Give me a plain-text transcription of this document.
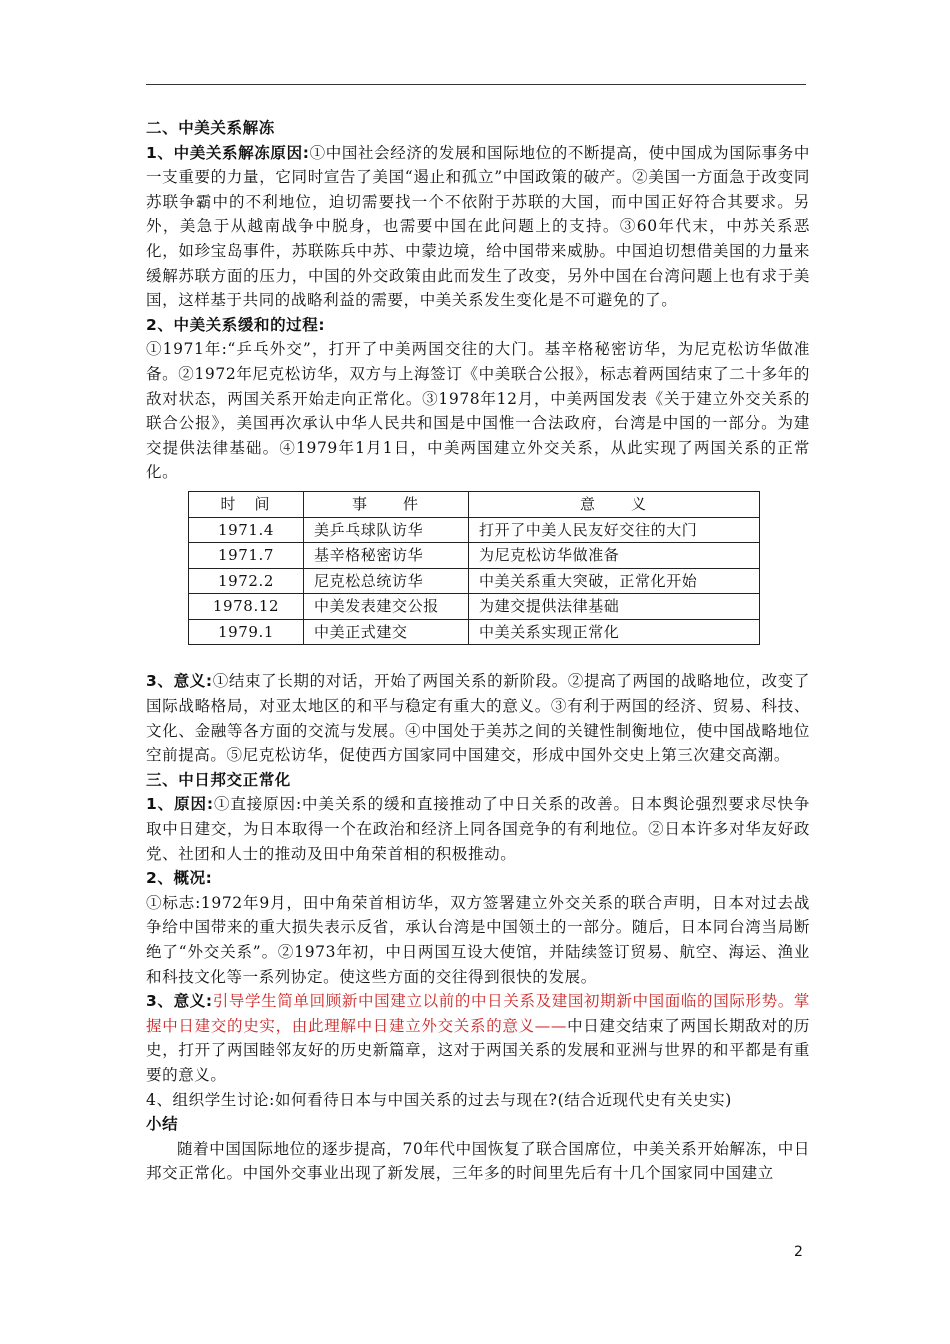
二、中美关系解冻

1、中美关系解冻原因:①中国社会经济的发展和国际地位的不断提高，使中国成为国际事务中一支重要的力量，它同时宣告了美国“遏止和孤立”中国政策的破产。②美国一方面急于改变同苏联争霸中的不利地位，迫切需要找一个不依附于苏联的大国，而中国正好符合其要求。另外，美急于从越南战争中脱身，也需要中国在此问题上的支持。③60年代末，中苏关系恶化，如珍宝岛事件，苏联陈兵中苏、中蒙边境，给中国带来威胁。中国迫切想借美国的力量来缓解苏联方面的压力，中国的外交政策由此而发生了改变，另外中国在台湾问题上也有求于美国，这样基于共同的战略利益的需要，中美关系发生变化是不可避免的了。

2、中美关系缓和的过程:

①1971年:“乒乓外交”，打开了中美两国交往的大门。基辛格秘密访华，为尼克松访华做准备。②1972年尼克松访华，双方与上海签订《中美联合公报》，标志着两国结束了二十多年的敌对状态，两国关系开始走向正常化。③1978年12月，中美两国发表《关于建立外交关系的联合公报》，美国再次承认中华人民共和国是中国惟一合法政府，台湾是中国的一部分。为建交提供法律基础。④1979年1月1日，中美两国建立外交关系，从此实现了两国关系的正常化。

时　间	事　　件	意　　义
1971.4	美乒乓球队访华	打开了中美人民友好交往的大门
1971.7	基辛格秘密访华	为尼克松访华做准备
1972.2	尼克松总统访华	中美关系重大突破，正常化开始
1978.12	中美发表建交公报	为建交提供法律基础
1979.1	中美正式建交	中美关系实现正常化

3、意义:①结束了长期的对话，开始了两国关系的新阶段。②提高了两国的战略地位，改变了国际战略格局，对亚太地区的和平与稳定有重大的意义。③有利于两国的经济、贸易、科技、文化、金融等各方面的交流与发展。④中国处于美苏之间的关键性制衡地位，使中国战略地位空前提高。⑤尼克松访华，促使西方国家同中国建交，形成中国外交史上第三次建交高潮。

三、中日邦交正常化

1、原因:①直接原因:中美关系的缓和直接推动了中日关系的改善。日本舆论强烈要求尽快争取中日建交，为日本取得一个在政治和经济上同各国竞争的有利地位。②日本许多对华友好政党、社团和人士的推动及田中角荣首相的积极推动。

2、概况:

①标志:1972年9月，田中角荣首相访华，双方签署建立外交关系的联合声明，日本对过去战争给中国带来的重大损失表示反省，承认台湾是中国领土的一部分。随后，日本同台湾当局断绝了“外交关系”。②1973年初，中日两国互设大使馆，并陆续签订贸易、航空、海运、渔业和科技文化等一系列协定。使这些方面的交往得到很快的发展。

3、意义:引导学生简单回顾新中国建立以前的中日关系及建国初期新中国面临的国际形势。掌握中日建交的史实，由此理解中日建立外交关系的意义——中日建交结束了两国长期敌对的历史，打开了两国睦邻友好的历史新篇章，这对于两国关系的发展和亚洲与世界的和平都是有重要的意义。

4、组织学生讨论:如何看待日本与中国关系的过去与现在?(结合近现代史有关史实)

小结

随着中国国际地位的逐步提高，70年代中国恢复了联合国席位，中美关系开始解冻，中日邦交正常化。中国外交事业出现了新发展，三年多的时间里先后有十几个国家同中国建立

2
